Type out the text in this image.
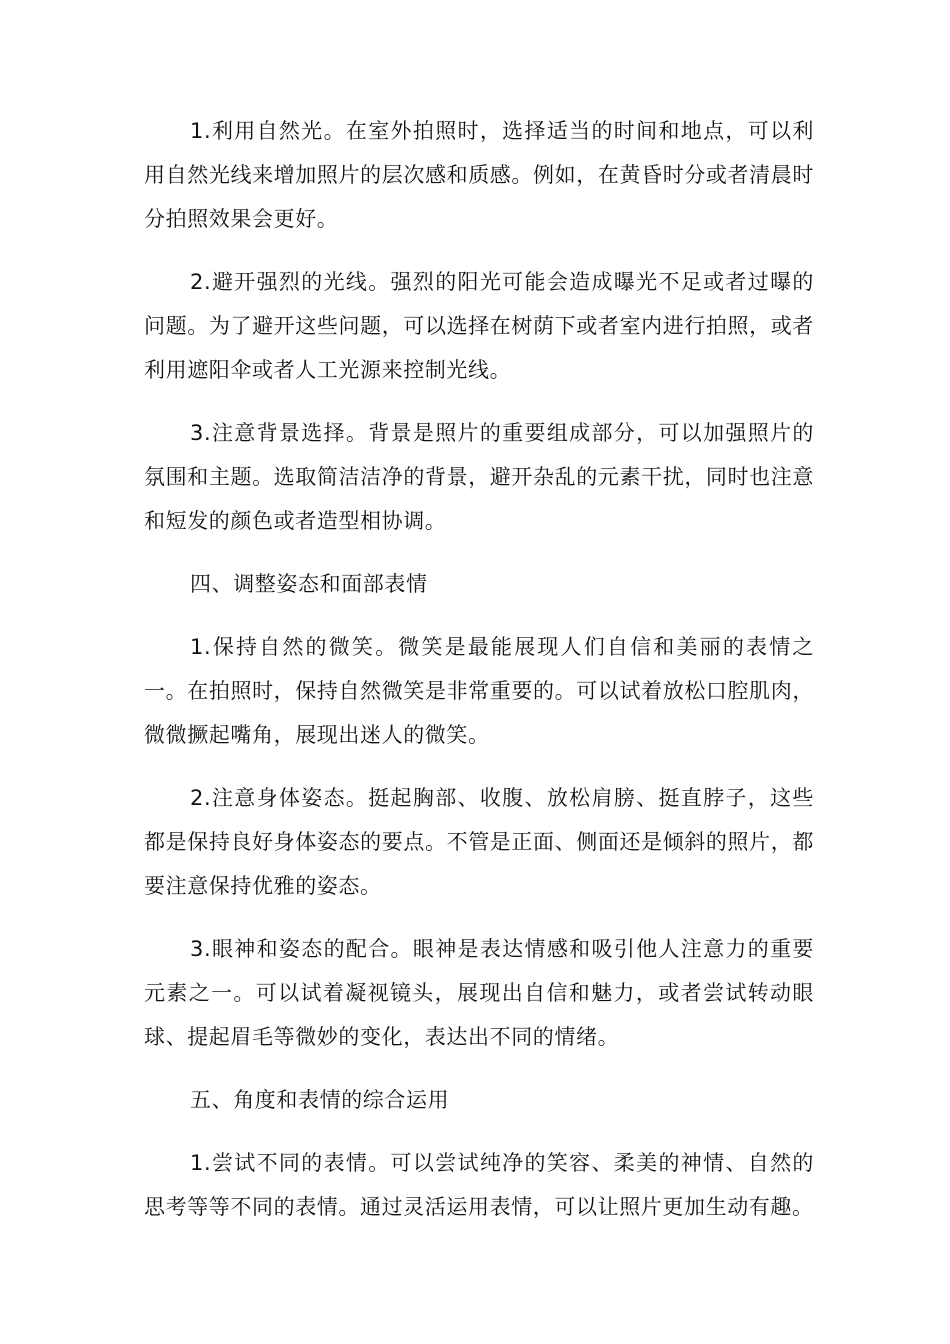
1.利用自然光。在室外拍照时，选择适当的时间和地点，可以利用自然光线来增加照片的层次感和质感。例如，在黄昏时分或者清晨时分拍照效果会更好。

2.避开强烈的光线。强烈的阳光可能会造成曝光不足或者过曝的问题。为了避开这些问题，可以选择在树荫下或者室内进行拍照，或者利用遮阳伞或者人工光源来控制光线。

3.注意背景选择。背景是照片的重要组成部分，可以加强照片的氛围和主题。选取简洁洁净的背景，避开杂乱的元素干扰，同时也注意和短发的颜色或者造型相协调。

四、调整姿态和面部表情

1.保持自然的微笑。微笑是最能展现人们自信和美丽的表情之一。在拍照时，保持自然微笑是非常重要的。可以试着放松口腔肌肉，微微撅起嘴角，展现出迷人的微笑。

2.注意身体姿态。挺起胸部、收腹、放松肩膀、挺直脖子，这些都是保持良好身体姿态的要点。不管是正面、侧面还是倾斜的照片，都要注意保持优雅的姿态。

3.眼神和姿态的配合。眼神是表达情感和吸引他人注意力的重要元素之一。可以试着凝视镜头，展现出自信和魅力，或者尝试转动眼球、提起眉毛等微妙的变化，表达出不同的情绪。

五、角度和表情的综合运用

1.尝试不同的表情。可以尝试纯净的笑容、柔美的神情、自然的思考等等不同的表情。通过灵活运用表情，可以让照片更加生动有趣。
